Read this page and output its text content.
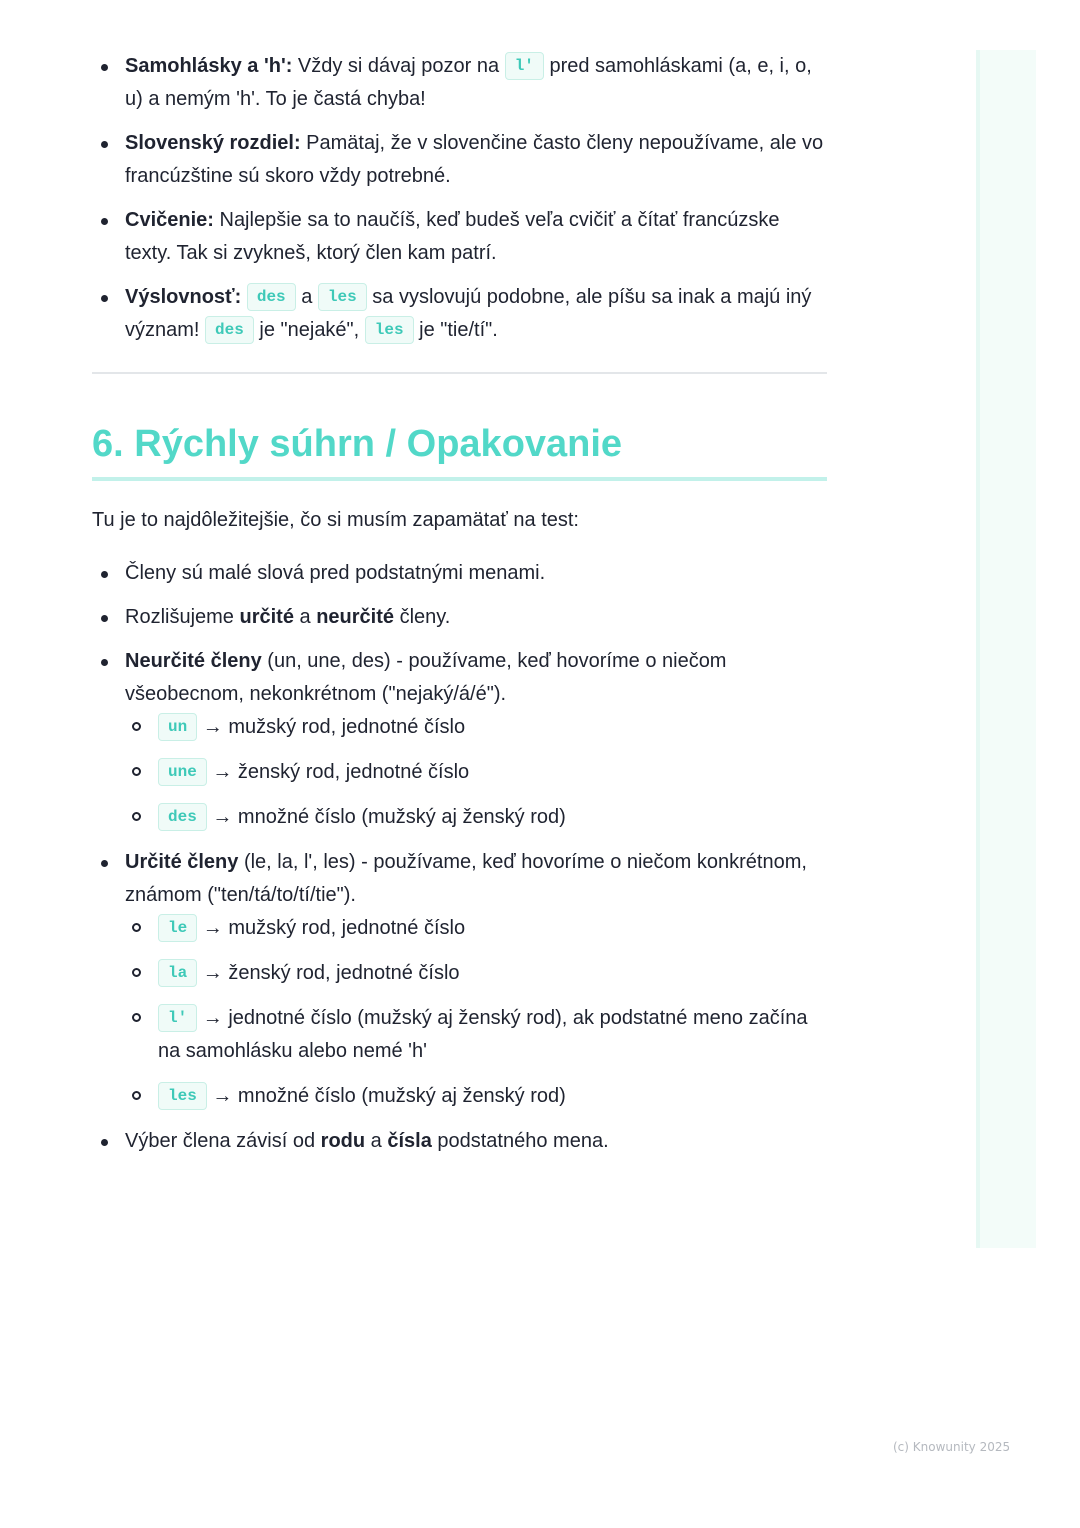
Samohlásky a 'h': Vždy si dávaj pozor na l' pred samohláskami (a, e, i, o, u) a nemým 'h'. To je častá chyba!
Slovenský rozdiel: Pamätaj, že v slovenčine často členy nepoužívame, ale vo francúzštine sú skoro vždy potrebné.
Cvičenie: Najlepšie sa to naučíš, keď budeš veľa cvičiť a čítať francúzske texty. Tak si zvykneš, ktorý člen kam patrí.
Výslovnosť: des a les sa vyslovujú podobne, ale píšu sa inak a majú iný význam! des je "nejaké", les je "tie/tí".
6. Rýchly súhrn / Opakovanie

Tu je to najdôležitejšie, čo si musím zapamätať na test:

Členy sú malé slová pred podstatnými menami.
Rozlišujeme určité a neurčité členy.
Neurčité členy (un, une, des) - používame, keď hovoríme o niečom všeobecnom, nekonkrétnom ("nejaký/á/é").
un → mužský rod, jednotné číslo
une → ženský rod, jednotné číslo
des → množné číslo (mužský aj ženský rod)
Určité členy (le, la, l', les) - používame, keď hovoríme o niečom konkrétnom, známom ("ten/tá/to/tí/tie").
le → mužský rod, jednotné číslo
la → ženský rod, jednotné číslo
l' → jednotné číslo (mužský aj ženský rod), ak podstatné meno začína na samohlásku alebo nemé 'h'
les → množné číslo (mužský aj ženský rod)
Výber člena závisí od rodu a čísla podstatného mena.
(c) Knowunity 2025
